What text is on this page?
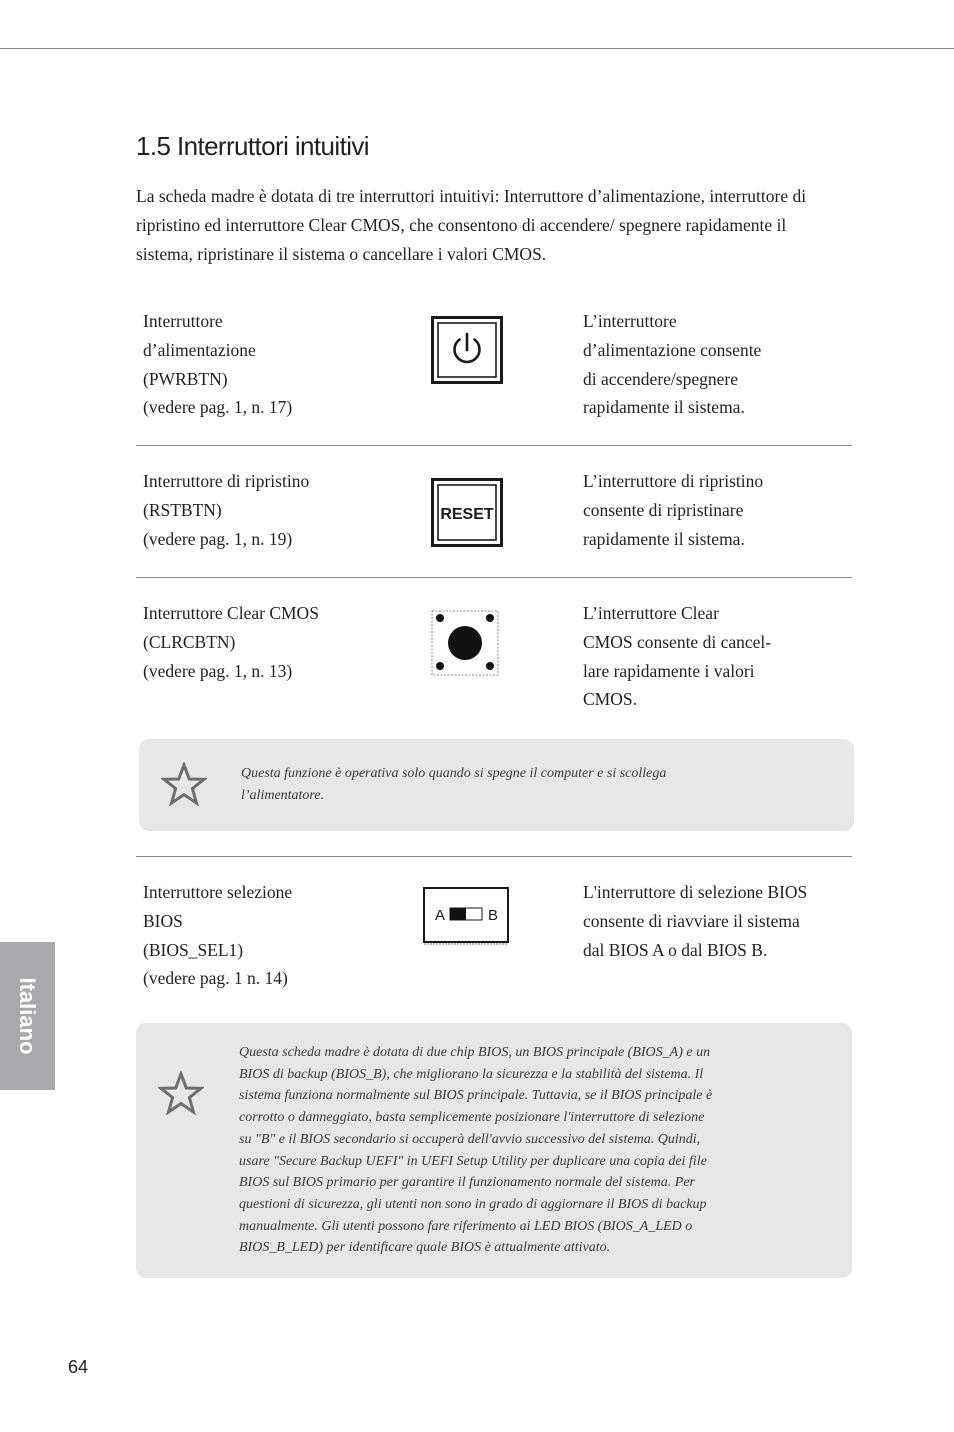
1.5 Interruttori intuitivi

La scheda madre è dotata di tre interruttori intuitivi: Interruttore d’alimentazione, interruttore di ripristino ed interruttore Clear CMOS, che consentono di accendere/ spegnere rapidamente il sistema, ripristinare il sistema o cancellare i valori CMOS.

Interruttore
d’alimentazione
(PWRBTN)
(vedere pag. 1, n. 17)
L’interruttore
d’alimentazione consente
di accendere/spegnere
rapidamente il sistema.
Interruttore di ripristino
(RSTBTN)
(vedere pag. 1, n. 19)
RESET
L’interruttore di ripristino
consente di ripristinare
rapidamente il sistema.
Interruttore Clear CMOS
(CLRCBTN)
(vedere pag. 1, n. 13)
L’interruttore Clear
CMOS consente di cancel-
lare rapidamente i valori
CMOS.
Questa funzione è operativa solo quando si spegne il computer e si scollega
l’alimentatore.
Interruttore selezione
BIOS
(BIOS_SEL1)
(vedere pag. 1 n. 14)
A	B
L'interruttore di selezione BIOS
consente di riavviare il sistema
dal BIOS A o dal BIOS B.
Questa scheda madre è dotata di due chip BIOS, un BIOS principale (BIOS_A) e un
BIOS di backup (BIOS_B), che migliorano la sicurezza e la stabilità del sistema. Il
sistema funziona normalmente sul BIOS principale. Tuttavia, se il BIOS principale è
corrotto o danneggiato, basta semplicemente posizionare l'interruttore di selezione
su "B" e il BIOS secondario si occuperà dell'avvio successivo del sistema. Quindi,
usare "Secure Backup UEFI" in UEFI Setup Utility per duplicare una copia dei file
BIOS sul BIOS primario per garantire il funzionamento normale del sistema. Per
questioni di sicurezza, gli utenti non sono in grado di aggiornare il BIOS di backup
manualmente. Gli utenti possono fare riferimento ai LED BIOS (BIOS_A_LED o
BIOS_B_LED) per identificare quale BIOS è attualmente attivato.
Italiano
64
